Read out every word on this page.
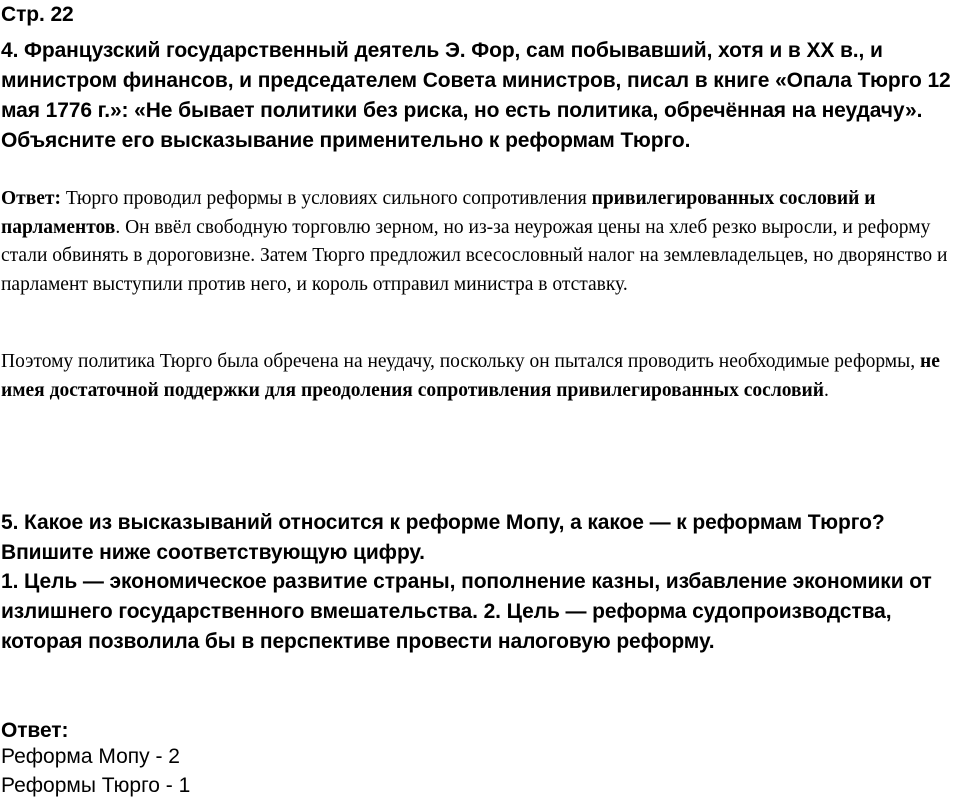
Стр. 22

4. Французский государственный деятель Э. Фор, сам побывавший, хотя и в XX в., и министром финансов, и председателем Совета министров, писал в книге «Опала Тюрго 12 мая 1776 г.»: «Не бывает политики без риска, но есть политика, обречённая на неудачу». Объясните его высказывание применительно к реформам Тюрго.

Ответ: Тюрго проводил реформы в условиях сильного сопротивления привилегированных сословий и парламентов. Он ввёл свободную торговлю зерном, но из-за неурожая цены на хлеб резко выросли, и реформу стали обвинять в дороговизне. Затем Тюрго предложил всесословный налог на землевладельцев, но дворянство и парламент выступили против него, и король отправил министра в отставку.

Поэтому политика Тюрго была обречена на неудачу, поскольку он пытался проводить необходимые реформы, не имея достаточной поддержки для преодоления сопротивления привилегированных сословий.

5. Какое из высказываний относится к реформе Мопу, а какое — к реформам Тюрго? Впишите ниже соответствующую цифру.

1. Цель — экономическое развитие страны, пополнение казны, избавление экономики от излишнего государственного вмешательства. 2. Цель — реформа судопроизводства, которая позволила бы в перспективе провести налоговую реформу.

Ответ:

Реформа Мопу - 2

Реформы Тюрго - 1
